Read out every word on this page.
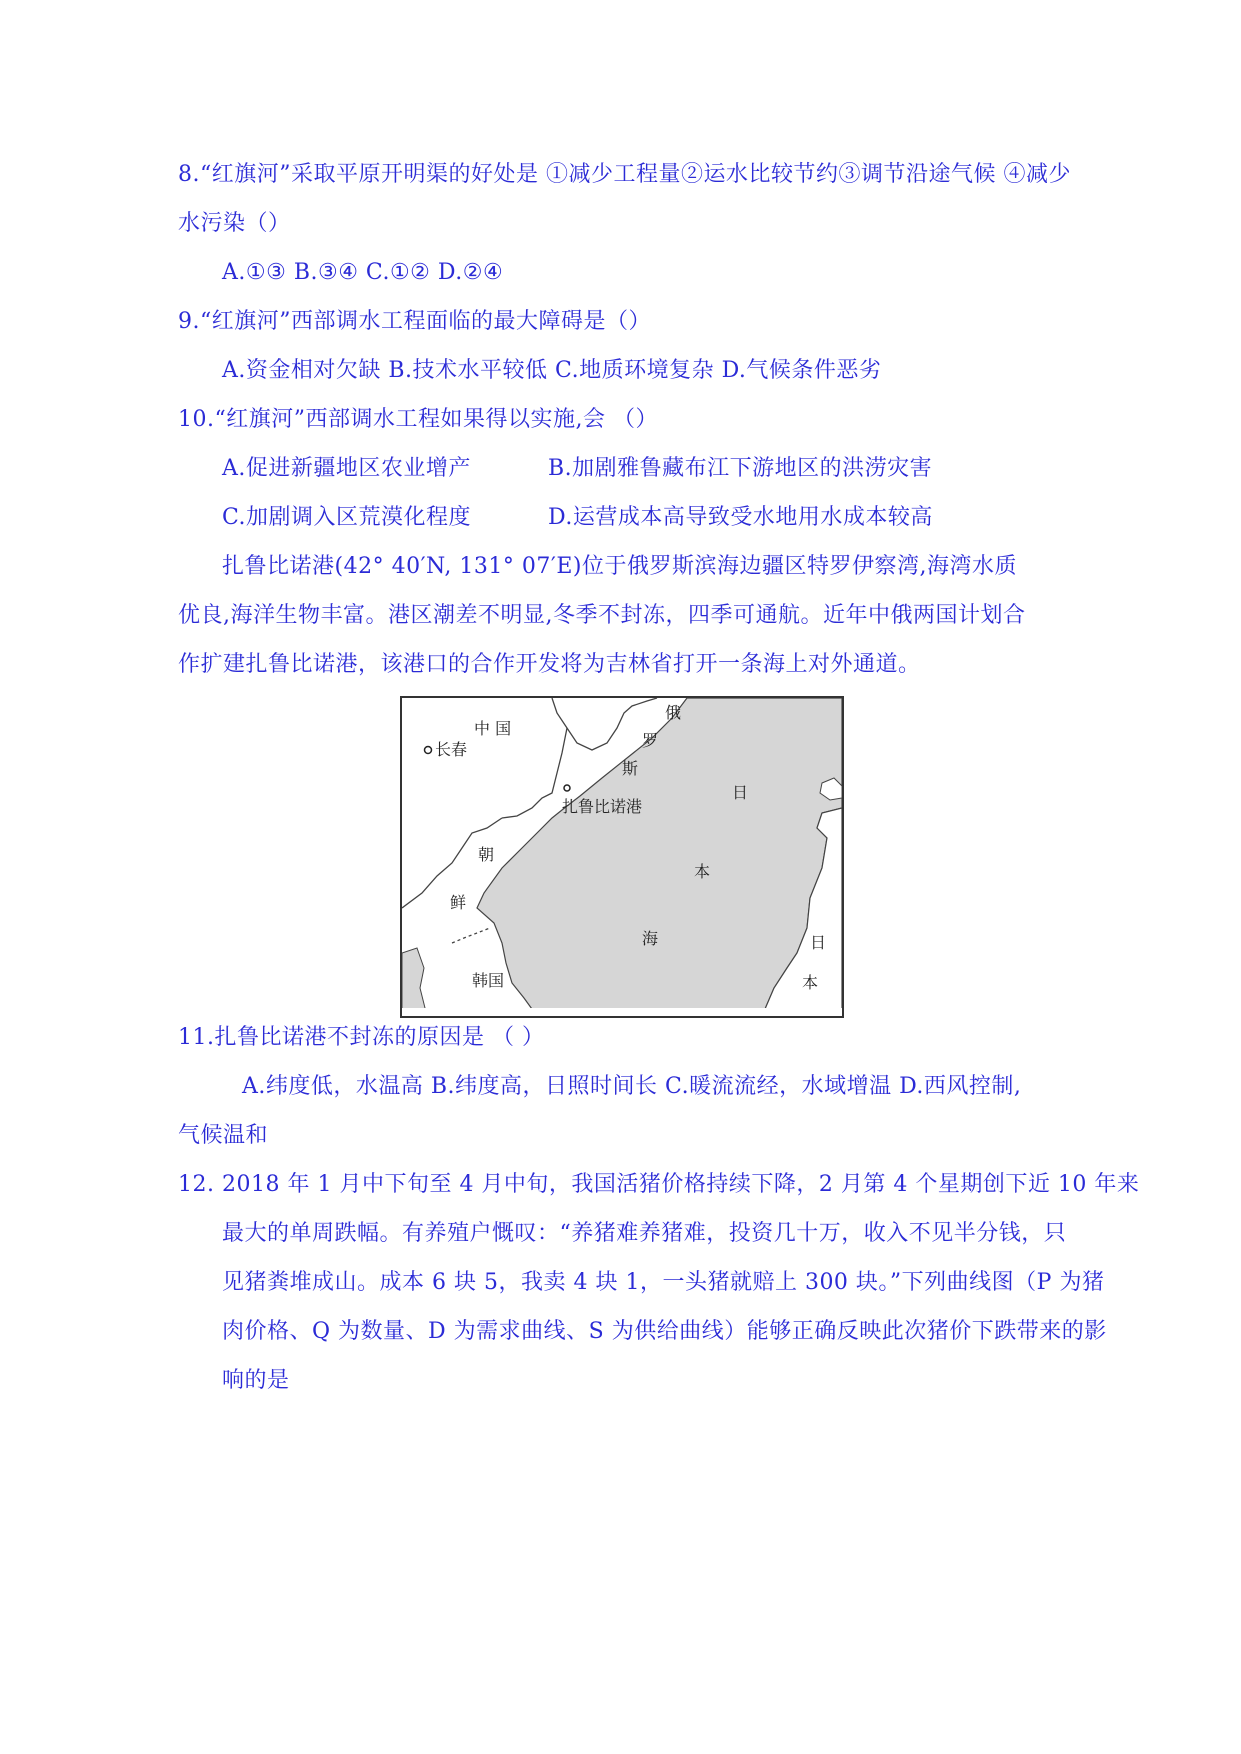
8.“红旗河”采取平原开明渠的好处是 ①减少工程量②运水比较节约③调节沿途气候 ④减少
水污染（）
A.①③ B.③④ C.①② D.②④
9.“红旗河”西部调水工程面临的最大障碍是（）
A.资金相对欠缺 B.技术水平较低 C.地质环境复杂 D.气候条件恶劣
10.“红旗河”西部调水工程如果得以实施,会 （）
A.促进新疆地区农业增产	B.加剧雅鲁藏布江下游地区的洪涝灾害
C.加剧调入区荒漠化程度	D.运营成本高导致受水地用水成本较高
扎鲁比诺港(42° 40′N, 131° 07′E)位于俄罗斯滨海边疆区特罗伊察湾,海湾水质
优良,海洋生物丰富。港区潮差不明显,冬季不封冻，四季可通航。近年中俄两国计划合
作扩建扎鲁比诺港，该港口的合作开发将为吉林省打开一条海上对外通道。
中 国
长春
俄
罗
斯
扎鲁比诺港
日
本
海
朝
鲜
韩国
日
本
11.扎鲁比诺港不封冻的原因是 （ ）
A.纬度低，水温高 B.纬度高，日照时间长 C.暖流流经，水域增温 D.西风控制,
气候温和
12. 2018 年 1 月中下旬至 4 月中旬，我国活猪价格持续下降，2 月第 4 个星期创下近 10 年来
最大的单周跌幅。有养殖户慨叹：“养猪难养猪难，投资几十万，收入不见半分钱，只
见猪粪堆成山。成本 6 块 5，我卖 4 块 1，一头猪就赔上 300 块。”下列曲线图（P 为猪
肉价格、Q 为数量、D 为需求曲线、S 为供给曲线）能够正确反映此次猪价下跌带来的影
响的是
